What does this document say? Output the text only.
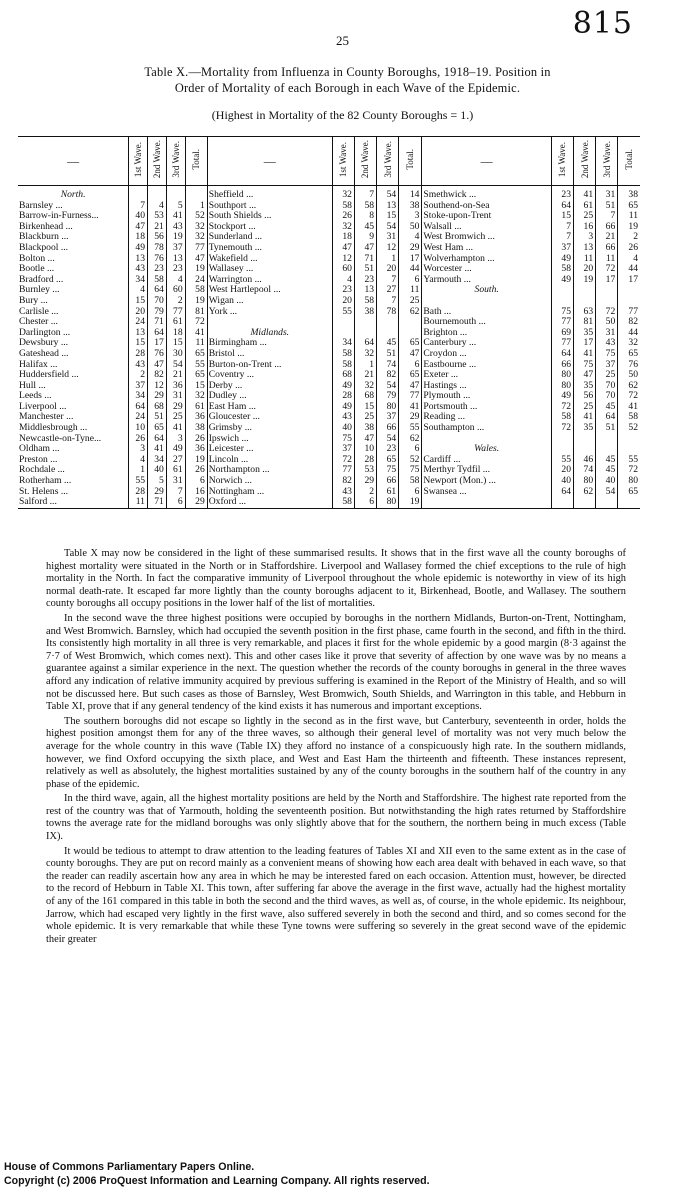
815
25
Table X.—Mortality from Influenza in County Boroughs, 1918–19. Position in
Order of Mortality of each Borough in each Wave of the Epidemic.
(Highest in Mortality of the 82 County Boroughs = 1.)
—	1st Wave.	2nd Wave.	3rd Wave.	Total.	—	1st Wave.	2nd Wave.	3rd Wave.	Total.	—	1st Wave.	2nd Wave.	3rd Wave.	Total.
North.					Sheffield ...	32	7	54	14	Smethwick ...	23	41	31	38
Barnsley ...	7	4	5	1	Southport ...	58	58	13	38	Southend-on-Sea	64	61	51	65
Barrow-in-Furness...	40	53	41	52	South Shields ...	26	8	15	3	Stoke-upon-Trent	15	25	7	11
Birkenhead ...	47	21	43	32	Stockport ...	32	45	54	50	Walsall ...	7	16	66	19
Blackburn ...	18	56	19	32	Sunderland ...	18	9	31	4	West Bromwich ...	7	3	21	2
Blackpool ...	49	78	37	77	Tynemouth ...	47	47	12	29	West Ham ...	37	13	66	26
Bolton ...	13	76	13	47	Wakefield ...	12	71	1	17	Wolverhampton ...	49	11	11	4
Bootle ...	43	23	23	19	Wallasey ...	60	51	20	44	Worcester ...	58	20	72	44
Bradford ...	34	58	4	24	Warrington ...	4	23	7	6	Yarmouth ...	49	19	17	17
Burnley ...	4	64	60	58	West Hartlepool ...	23	13	27	11	South.				
Bury ...	15	70	2	19	Wigan ...	20	58	7	25					
Carlisle ...	20	79	77	81	York ...	55	38	78	62	Bath ...	75	63	72	77
Chester ...	24	71	61	72						Bournemouth ...	77	81	50	82
Darlington ...	13	64	18	41	Midlands.					Brighton ...	69	35	31	44
Dewsbury ...	15	17	15	11	Birmingham ...	34	64	45	65	Canterbury ...	77	17	43	32
Gateshead ...	28	76	30	65	Bristol ...	58	32	51	47	Croydon ...	64	41	75	65
Halifax ...	43	47	54	55	Burton-on-Trent ...	58	1	74	6	Eastbourne ...	66	75	37	76
Huddersfield ...	2	82	21	65	Coventry ...	68	21	82	65	Exeter ...	80	47	25	50
Hull ...	37	12	36	15	Derby ...	49	32	54	47	Hastings ...	80	35	70	62
Leeds ...	34	29	31	32	Dudley ...	28	68	79	77	Plymouth ...	49	56	70	72
Liverpool ...	64	68	29	61	East Ham ...	49	15	80	41	Portsmouth ...	72	25	45	41
Manchester ...	24	51	25	36	Gloucester ...	43	25	37	29	Reading ...	58	41	64	58
Middlesbrough ...	10	65	41	38	Grimsby ...	40	38	66	55	Southampton ...	72	35	51	52
Newcastle-on-Tyne...	26	64	3	26	Ipswich ...	75	47	54	62					
Oldham ...	3	41	49	36	Leicester ...	37	10	23	6	Wales.				
Preston ...	4	34	27	19	Lincoln ...	72	28	65	52	Cardiff ...	55	46	45	55
Rochdale ...	1	40	61	26	Northampton ...	77	53	75	75	Merthyr Tydfil ...	20	74	45	72
Rotherham ...	55	5	31	6	Norwich ...	82	29	66	58	Newport (Mon.) ...	40	80	40	80
St. Helens ...	28	29	7	16	Nottingham ...	43	2	61	6	Swansea ...	64	62	54	65
Salford ...	11	71	6	29	Oxford ...	58	6	80	19					

Table X may now be considered in the light of these summarised results. It shows that in the first wave all the county boroughs of highest mortality were situated in the North or in Staffordshire. Liverpool and Wallasey formed the chief exceptions to the rule of high mortality in the North. In fact the comparative immunity of Liverpool throughout the whole epidemic is noteworthy in view of its high normal death-rate. It escaped far more lightly than the county boroughs adjacent to it, Birkenhead, Bootle, and Wallasey. The southern county boroughs all occupy positions in the lower half of the list of mortalities.

In the second wave the three highest positions were occupied by boroughs in the northern Midlands, Burton-on-Trent, Nottingham, and West Bromwich. Barnsley, which had occupied the seventh position in the first phase, came fourth in the second, and fifth in the third. Its consistently high mortality in all three is very remarkable, and places it first for the whole epidemic by a good margin (8·3 against the 7·7 of West Bromwich, which comes next). This and other cases like it prove that severity of affection by one wave was by no means a guarantee against a similar experience in the next. The question whether the records of the county boroughs in general in the three waves afford any indication of relative immunity acquired by previous suffering is examined in the Report of the Ministry of Health, and so will not be discussed here. But such cases as those of Barnsley, West Bromwich, South Shields, and Warrington in this table, and Hebburn in Table XI, prove that if any general tendency of the kind exists it has numerous and important exceptions.

The southern boroughs did not escape so lightly in the second as in the first wave, but Canterbury, seventeenth in order, holds the highest position amongst them for any of the three waves, so although their general level of mortality was not very much below the average for the whole country in this wave (Table IX) they afford no instance of a conspicuously high rate. In the southern midlands, however, we find Oxford occupying the sixth place, and West and East Ham the thirteenth and fifteenth. These instances represent, relatively as well as absolutely, the highest mortalities sustained by any of the county boroughs in the southern half of the country in any phase of the epidemic.

In the third wave, again, all the highest mortality positions are held by the North and Staffordshire. The highest rate reported from the rest of the country was that of Yarmouth, holding the seventeenth position. But notwithstanding the high rates returned by Staffordshire towns the average rate for the midland boroughs was only slightly above that for the southern, the northern being in much excess (Table IX).

It would be tedious to attempt to draw attention to the leading features of Tables XI and XII even to the same extent as in the case of county boroughs. They are put on record mainly as a convenient means of showing how each area dealt with behaved in each wave, so that the reader can readily ascertain how any area in which he may be interested fared on each occasion. Attention must, however, be directed to the record of Hebburn in Table XI. This town, after suffering far above the average in the first wave, actually had the highest mortality of any of the 161 compared in this table in both the second and the third waves, as well as, of course, in the whole epidemic. Its neighbour, Jarrow, which had escaped very lightly in the first wave, also suffered severely in both the second and third, and so comes second for the whole epidemic. It is very remarkable that while these Tyne towns were suffering so severely in the great second wave of the epidemic their greater

House of Commons Parliamentary Papers Online.
Copyright (c) 2006 ProQuest Information and Learning Company. All rights reserved.
